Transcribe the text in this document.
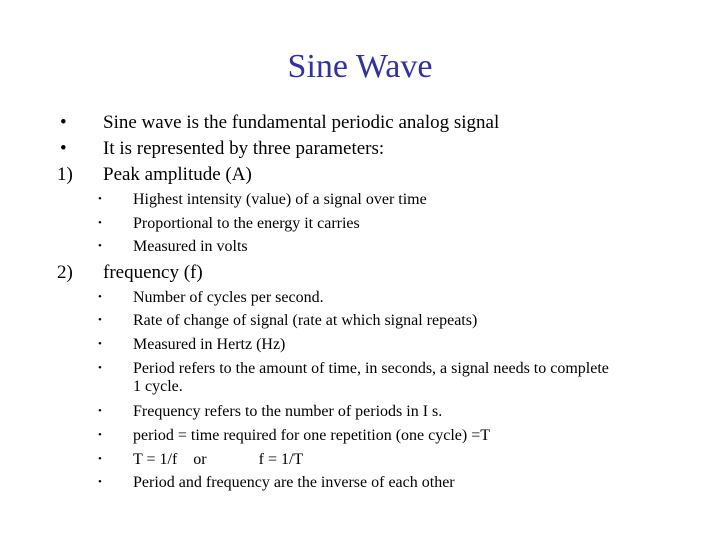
Sine Wave
• Sine wave is the fundamental periodic analog signal
• It is represented by three parameters:
1) Peak amplitude (A)
• Highest intensity (value) of a signal over time
• Proportional to the energy it carries
• Measured in volts
2) frequency (f)
• Number of cycles per second.
• Rate of change of signal (rate at which signal repeats)
• Measured in Hertz (Hz)
• Period refers to the amount of time, in seconds, a signal needs to complete
1 cycle.
• Frequency refers to the number of periods in I s.
• period = time required for one repetition (one cycle) =T
• T = 1/f    or             f = 1/T
• Period and frequency are the inverse of each other
